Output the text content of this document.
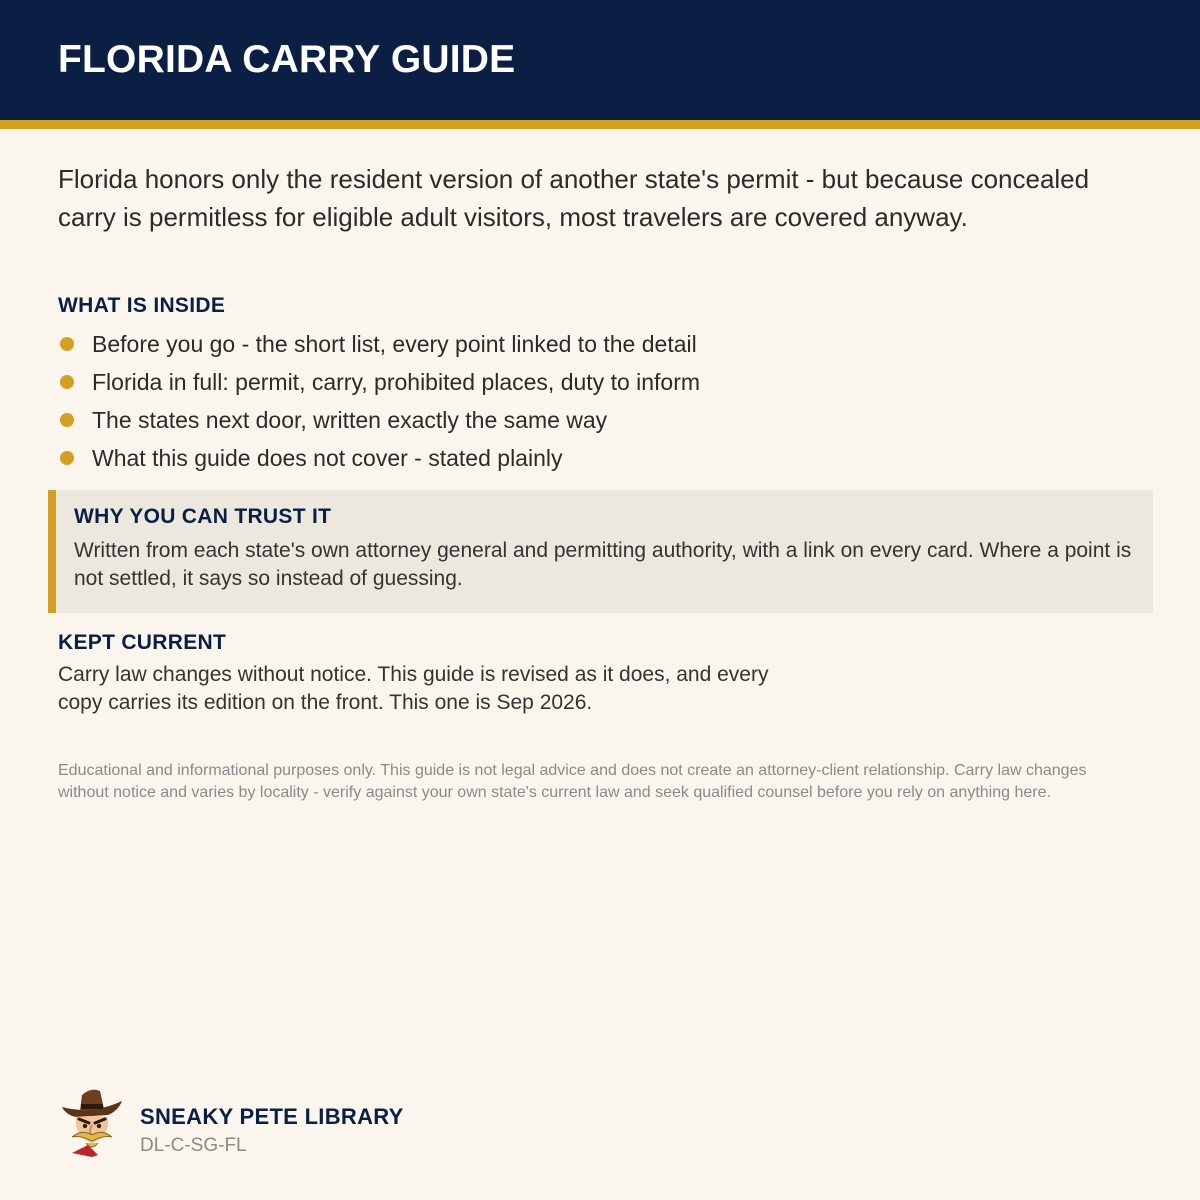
FLORIDA CARRY GUIDE

Florida honors only the resident version of another state's permit - but because concealed carry is permitless for eligible adult visitors, most travelers are covered anyway.

WHAT IS INSIDE
Before you go - the short list, every point linked to the detail
Florida in full: permit, carry, prohibited places, duty to inform
The states next door, written exactly the same way
What this guide does not cover - stated plainly
WHY YOU CAN TRUST IT

Written from each state's own attorney general and permitting authority, with a link on every card. Where a point is not settled, it says so instead of guessing.

KEPT CURRENT

Carry law changes without notice. This guide is revised as it does, and every copy carries its edition on the front. This one is Sep 2026.

Educational and informational purposes only. This guide is not legal advice and does not create an attorney-client relationship. Carry law changes without notice and varies by locality - verify against your own state's current law and seek qualified counsel before you rely on anything here.

SNEAKY PETE LIBRARY
DL-C-SG-FL
